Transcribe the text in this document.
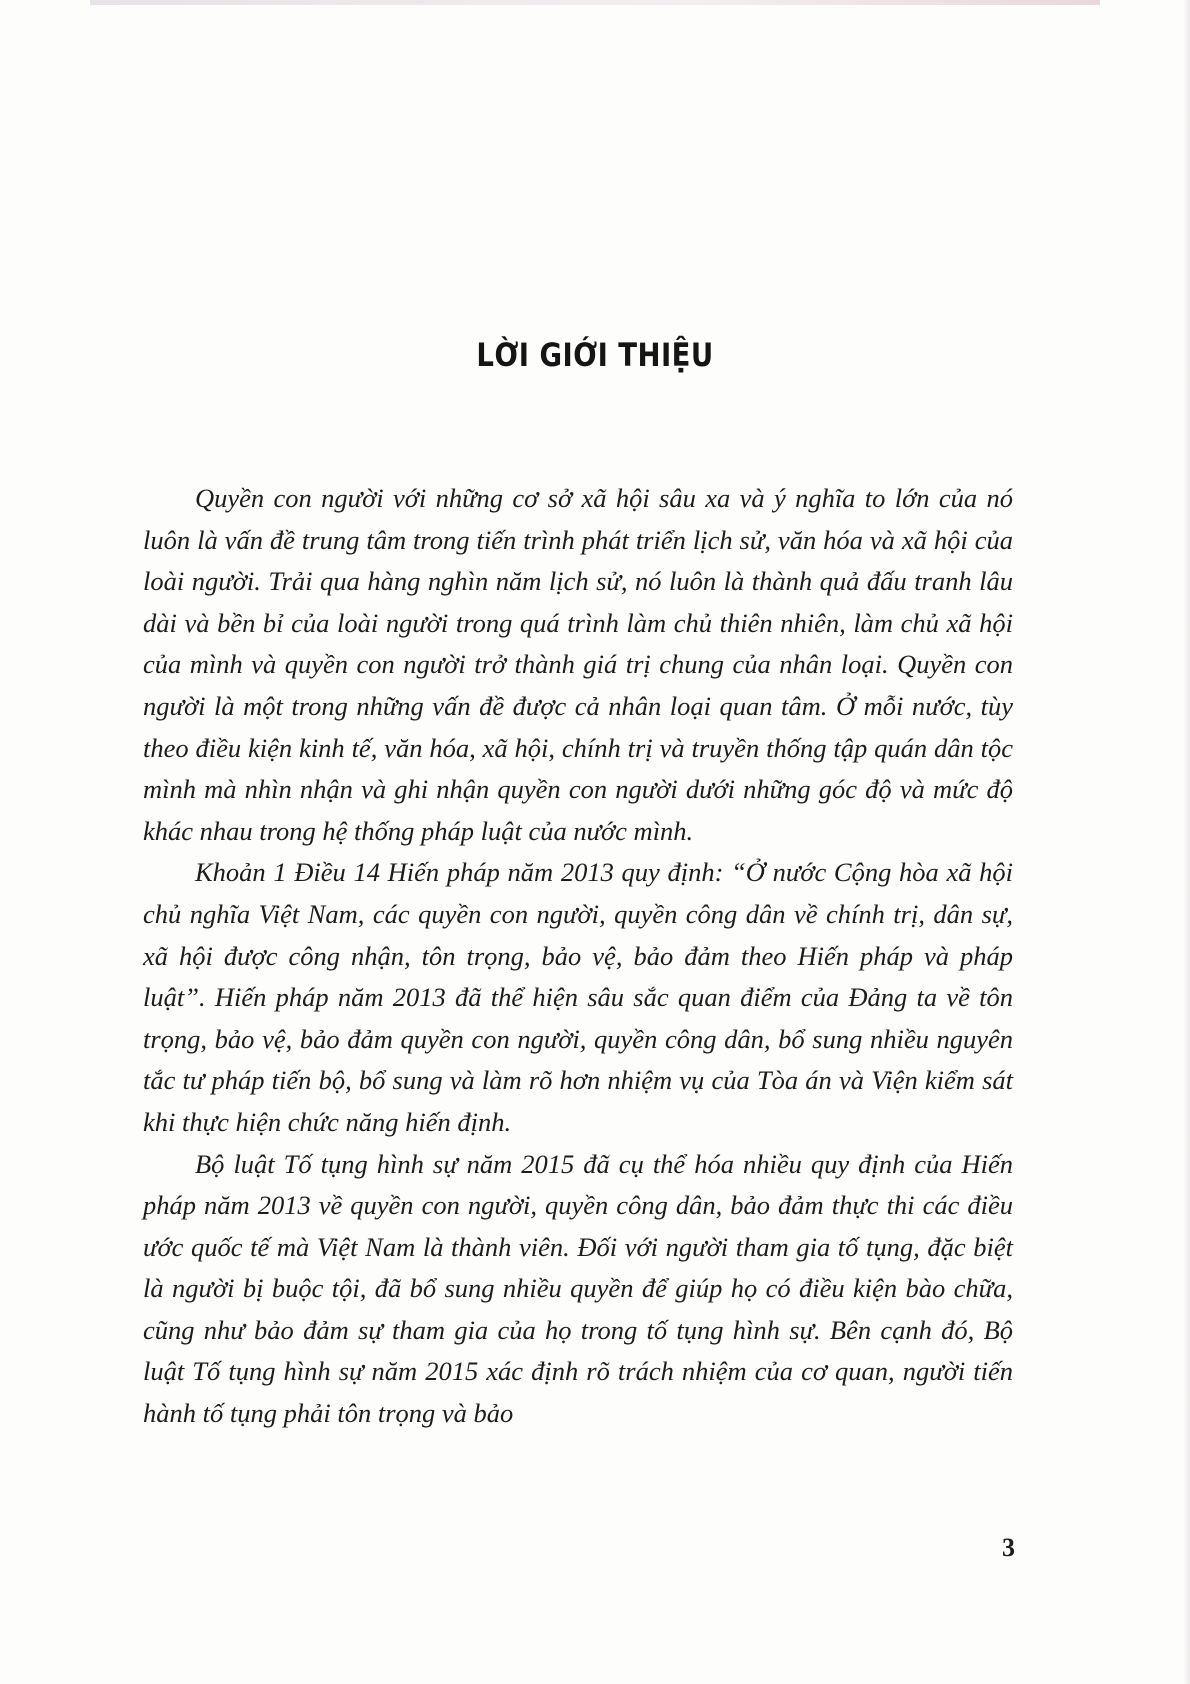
LỜI GIỚI THIỆU

Quyền con người với những cơ sở xã hội sâu xa và ý nghĩa to lớn của nó luôn là vấn đề trung tâm trong tiến trình phát triển lịch sử, văn hóa và xã hội của loài người. Trải qua hàng nghìn năm lịch sử, nó luôn là thành quả đấu tranh lâu dài và bền bỉ của loài người trong quá trình làm chủ thiên nhiên, làm chủ xã hội của mình và quyền con người trở thành giá trị chung của nhân loại. Quyền con người là một trong những vấn đề được cả nhân loại quan tâm. Ở mỗi nước, tùy theo điều kiện kinh tế, văn hóa, xã hội, chính trị và truyền thống tập quán dân tộc mình mà nhìn nhận và ghi nhận quyền con người dưới những góc độ và mức độ khác nhau trong hệ thống pháp luật của nước mình.

Khoản 1 Điều 14 Hiến pháp năm 2013 quy định: “Ở nước Cộng hòa xã hội chủ nghĩa Việt Nam, các quyền con người, quyền công dân về chính trị, dân sự, xã hội được công nhận, tôn trọng, bảo vệ, bảo đảm theo Hiến pháp và pháp luật”. Hiến pháp năm 2013 đã thể hiện sâu sắc quan điểm của Đảng ta về tôn trọng, bảo vệ, bảo đảm quyền con người, quyền công dân, bổ sung nhiều nguyên tắc tư pháp tiến bộ, bổ sung và làm rõ hơn nhiệm vụ của Tòa án và Viện kiểm sát khi thực hiện chức năng hiến định.

Bộ luật Tố tụng hình sự năm 2015 đã cụ thể hóa nhiều quy định của Hiến pháp năm 2013 về quyền con người, quyền công dân, bảo đảm thực thi các điều ước quốc tế mà Việt Nam là thành viên. Đối với người tham gia tố tụng, đặc biệt là người bị buộc tội, đã bổ sung nhiều quyền để giúp họ có điều kiện bào chữa, cũng như bảo đảm sự tham gia của họ trong tố tụng hình sự. Bên cạnh đó, Bộ luật Tố tụng hình sự năm 2015 xác định rõ trách nhiệm của cơ quan, người tiến hành tố tụng phải tôn trọng và bảo

3
